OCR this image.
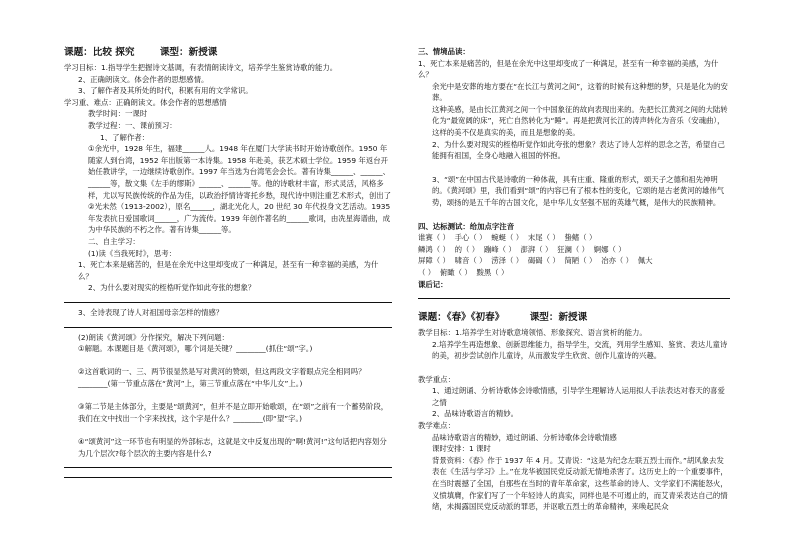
课题：比较 探究	课型：新授课
学习目标：1.指导学生把握诗文基调，有表情朗读诗文，培养学生鉴赏诗歌的能力。
2、正确朗读文。体会作者的思想感情。
3、了解作者及其所处的时代，积累有用的文学常识。
学习重、难点：正确朗读文。体会作者的思想感情
教学时间：一课时
教学过程：一、课前预习：
1、了解作者：
①余光中，1928 年生，福建______人。1948 年在厦门大学读书时开始诗歌创作。1950 年随家人到台湾，1952 年出版第一本诗集。1958 年赴美，获艺术硕士学位。1959 年返台开始任教讲学，一边继续诗歌创作。1997 年当选为台湾笔会会长。著有诗集______、______、______等，散文集《左手的缪斯》______、______等。他的诗歌材丰富，形式灵活，风格多样，尤以写民族传统的作品为佳，以政治抒情诗寄托乡愁，现代诗中则注重艺术形式，创出了
②光未然（1913-2002），原名______，湖北光化人，20 世纪 30 年代投身文艺活动。1935 年发表抗日爱国歌词______，广为流传。1939 年创作著名的______歌词，由冼星海谱曲，成为中华民族的不朽之作。著有诗集______等。
二、自主学习：
(1)读《当我死时》，思考：
1、死亡本来是痛苦的，但是在余光中这里却变成了一种满足，甚至有一种幸福的美感，为什么？
2、为什么要对现实的桎梏听觉作如此夸张的想象？
3、全诗表现了诗人对祖国母亲怎样的情感？
(2)朗读《黄河颂》分作探究，解决下列问题：
①解题。本课题目是《黄河颂》，哪个词是关键？________(抓住“颂”字。)
②这首歌词的一、三、两节很显然是写对黄河的赞颂，但这两段文字着眼点完全相同吗？________(第一节重点落在“黄河”上，第三节重点落在“中华儿女”上。)
③第二节是主体部分，主要是“颂黄河”，但并不是立即开始歌颂，在“颂”之前有一个蓄势阶段，我们在文中找出一个字来找找，这个字是什么？________(即“望”字。)
④“颂黄河”这一环节也有明显的外部标志，这就是文中反复出现的“啊!黄河!”这句话把内容划分为几个层次?每个层次的主要内容是什么?
三、情境品读：
1、死亡本来是痛苦的，但是在余光中这里却变成了一种满足，甚至有一种幸福的美感，为什么？
余光中是安葬的地方要在“在长江与黄河之间”，这着的时候有这种想的梦，只是是化为的安葬。
这种美感，是由长江黄河之间一个中国象征的故向表现出来的。先把长江黄河之间的大陆转化为“最宽阔的床”，死亡自然转化为“睡”。再是把黄河长江的涛声转化为音乐（安魂曲），这样的美不仅是真实的美，而且是想象的美。
2、为什么要对现实的桎梏听觉作如此夸张的想象？表达了诗人怎样的思念之苦，希望自己能拥有祖国，全身心地融入祖国的怀抱。
3、“颂”在中国古代是诗歌的一种体裁，具有庄重、隆重的形式，颂天子之德和祖先神明的。《黄河颂》里，我们看到“颂”的内容已有了根本性的变化，它颂的是古老黄河的雄伟气势，颂扬的是五千年的古国文化，是中华儿女坚强不屈的英雄气概，是伟大的民族精神。
四、达标测试：给加点字注音
谁赛（ ） 手心（ ） 蜿蜒（ ） 末尾（ ） 蛰鳍（ ）
鳞鸿（ ） 的（ ） 蹦峰（ ） 澎湃（ ） 狂澜（ ） 婀娜（ ）
屏障（ ） 啸音（ ） 涝泽（ ） 碣碣（ ） 简陋（ ） 冶亦（ ） 佩大
（ ） 俯瞰（ ） 黢黑（ ）
课后记：
课题：《春》《初春》	课型：新授课
教学目标：1.培养学生对诗歌意境领悟、形象探究、语言赏析的能力。
2.培养学生再造想象、创新思维能力，指导学生，交流，列用学生感知、鉴赏、表达儿童诗的美，初步尝试创作儿童诗，从而激发学生欣赏、创作儿童诗的兴趣。
教学重点：
1、通过朗诵、分析诗歌体会诗歌情感，引导学生理解诗人运用拟人手法表达对春天的喜爱之情
2、品味诗歌语言的精妙。
教学难点：
品味诗歌语言的精妙，通过朗诵、分析诗歌体会诗歌情感
课时安排：1 课时
背景资料：《春》作于 1937 年 4 月。艾青说：“这是为纪念左联五烈士而作。”胡风象去发表在《生活与学习》上。”在龙华被国民党反动派无情地杀害了。这历史上的一个重要事件，在当时震撼了全国，自那些在当时的青年革命家，这些革命的诗人、文学家们不满能怒火，义愤填膺，作家们写了一个年轻诗人的真实，同样也是不可遏止的，而艾青采表达自己的情绪，未揭露国民党反动派的罪恶，并讴歌五烈士的革命精神，来唤起民众
